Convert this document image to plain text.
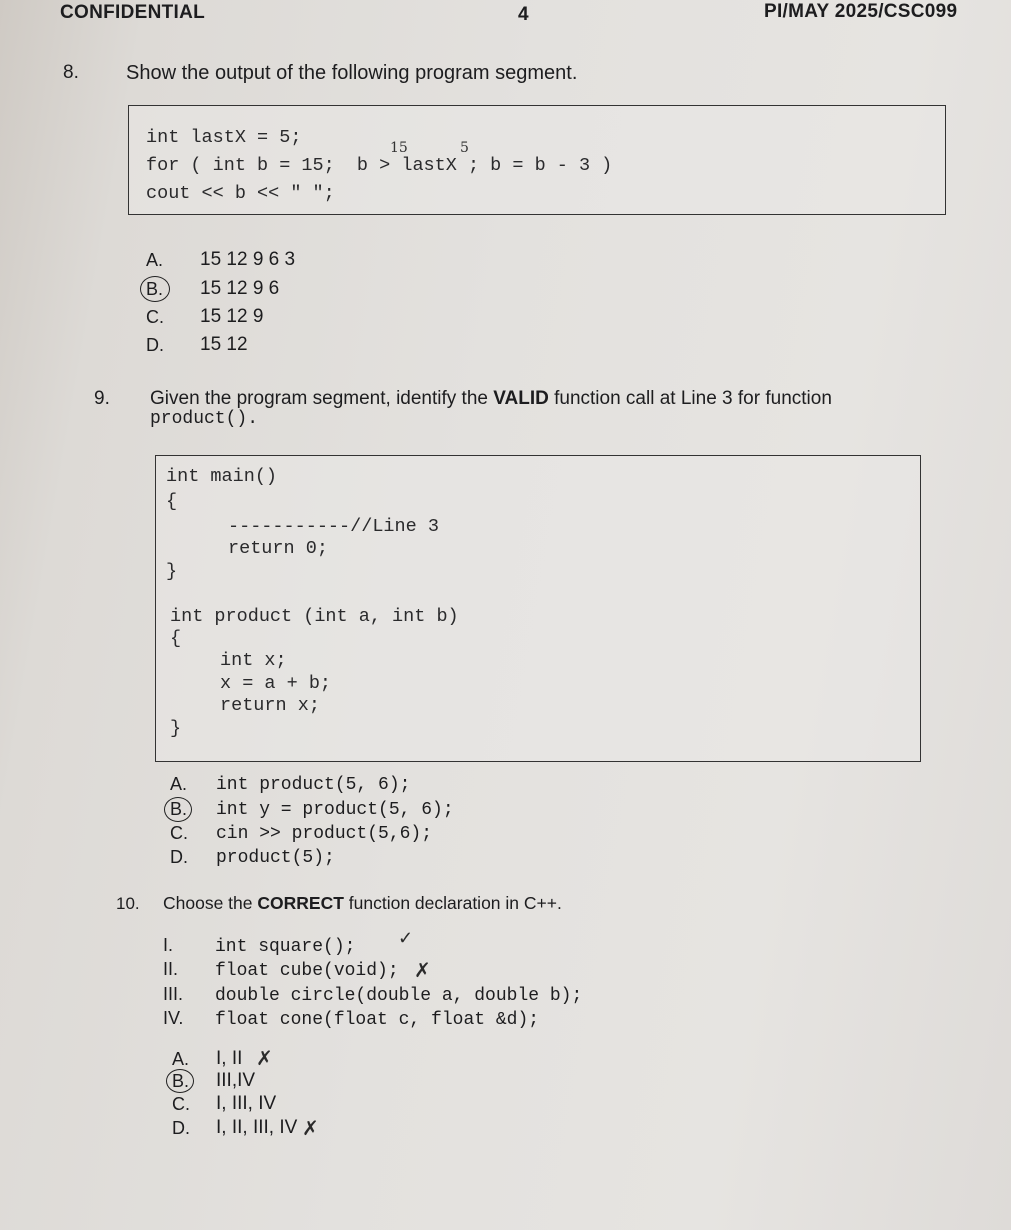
CONFIDENTIAL	4	PI/MAY 2025/CSC099
8. Show the output of the following program segment.
int lastX = 5;
for ( int b = 15;  b > lastX ; b = b - 3 )
cout << b << " ";
15	5
A. 15 12 9 6 3
B. 15 12 9 6
C. 15 12 9
D. 15 12
9. Given the program segment, identify the VALID function call at Line 3 for function
product().
int main()
{
-----------//Line 3
return 0;
}
int product (int a, int b)
{
int x;
x = a + b;
return x;
}
A. int product(5, 6);
B. int y = product(5, 6);
C. cin >> product(5,6);
D. product(5);
10. Choose the CORRECT function declaration in C++.
I. int square(); ✓
II. float cube(void); ✗
III. double circle(double a, double b);
IV. float cone(float c, float &d);
A. I, II ✗
B. III,IV
C. I, III, IV
D. I, II, III, IV ✗
